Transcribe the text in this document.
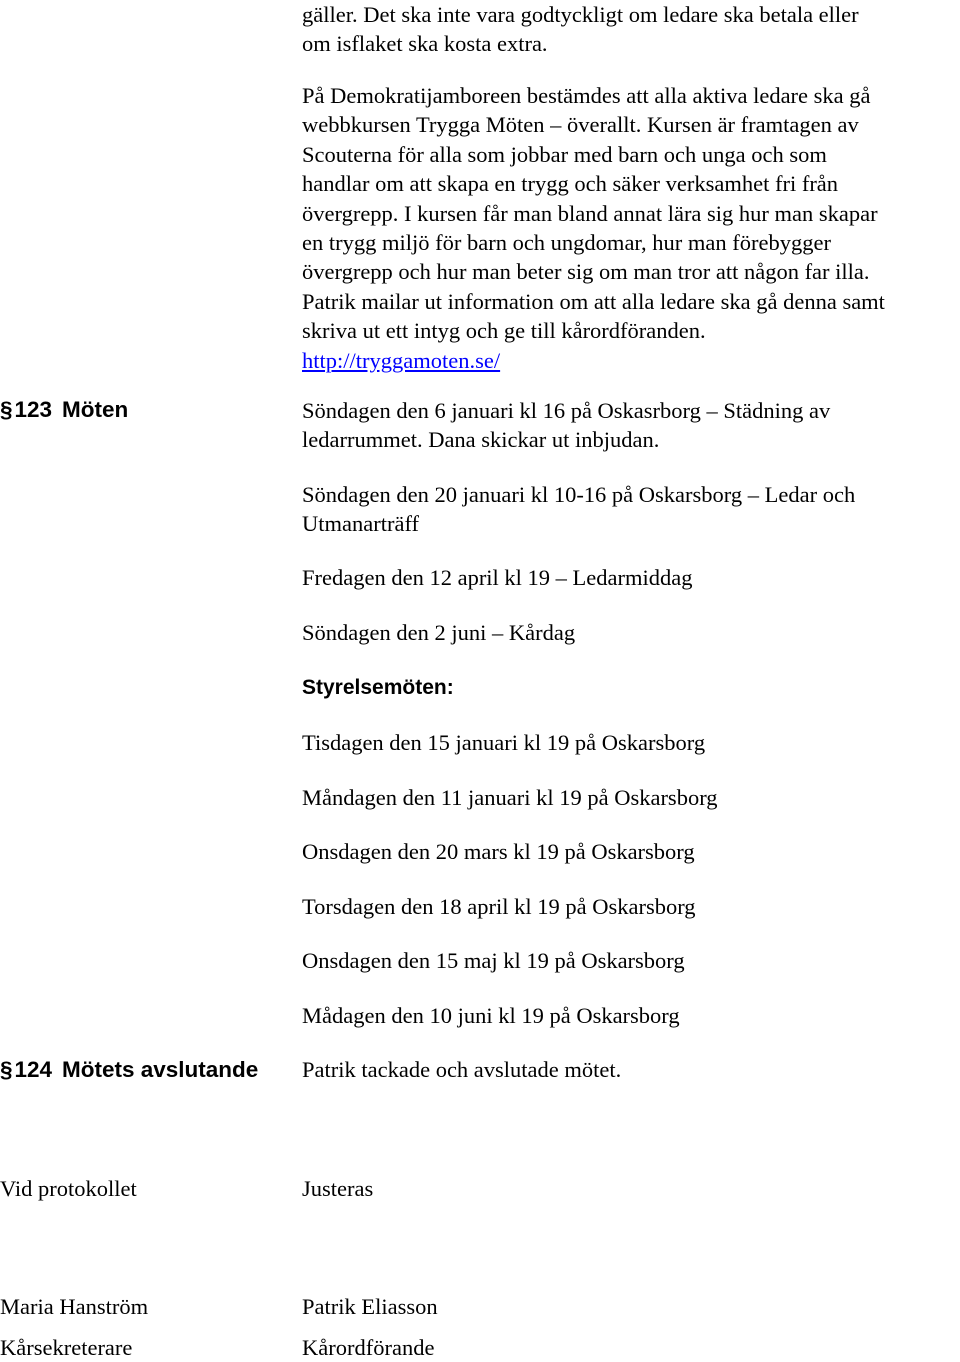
gäller. Det ska inte vara godtyckligt om ledare ska betala eller
om isflaket ska kosta extra.
På Demokratijamboreen bestämdes att alla aktiva ledare ska gå
webbkursen Trygga Möten – överallt. Kursen är framtagen av
Scouterna för alla som jobbar med barn och unga och som
handlar om att skapa en trygg och säker verksamhet fri från
övergrepp. I kursen får man bland annat lära sig hur man skapar
en trygg miljö för barn och ungdomar, hur man förebygger
övergrepp och hur man beter sig om man tror att någon far illa.
Patrik mailar ut information om att alla ledare ska gå denna samt
skriva ut ett intyg och ge till kårordföranden.
http://tryggamoten.se/
§123 Möten	Söndagen den 6 januari kl 16 på Oskasrborg – Städning av
ledarrummet. Dana skickar ut inbjudan.
Söndagen den 20 januari kl 10-16 på Oskarsborg – Ledar och
Utmanarträff
Fredagen den 12 april kl 19 – Ledarmiddag
Söndagen den 2 juni – Kårdag
Styrelsemöten:
Tisdagen den 15 januari kl 19 på Oskarsborg
Måndagen den 11 januari kl 19 på Oskarsborg
Onsdagen den 20 mars kl 19 på Oskarsborg
Torsdagen den 18 april kl 19 på Oskarsborg
Onsdagen den 15 maj kl 19 på Oskarsborg
Mådagen den 10 juni kl 19 på Oskarsborg
§124 Mötets avslutande Patrik tackade och avslutade mötet.
Vid protokollet	Justeras
Maria Hanström
Kårsekreterare
Patrik Eliasson
Kårordförande
